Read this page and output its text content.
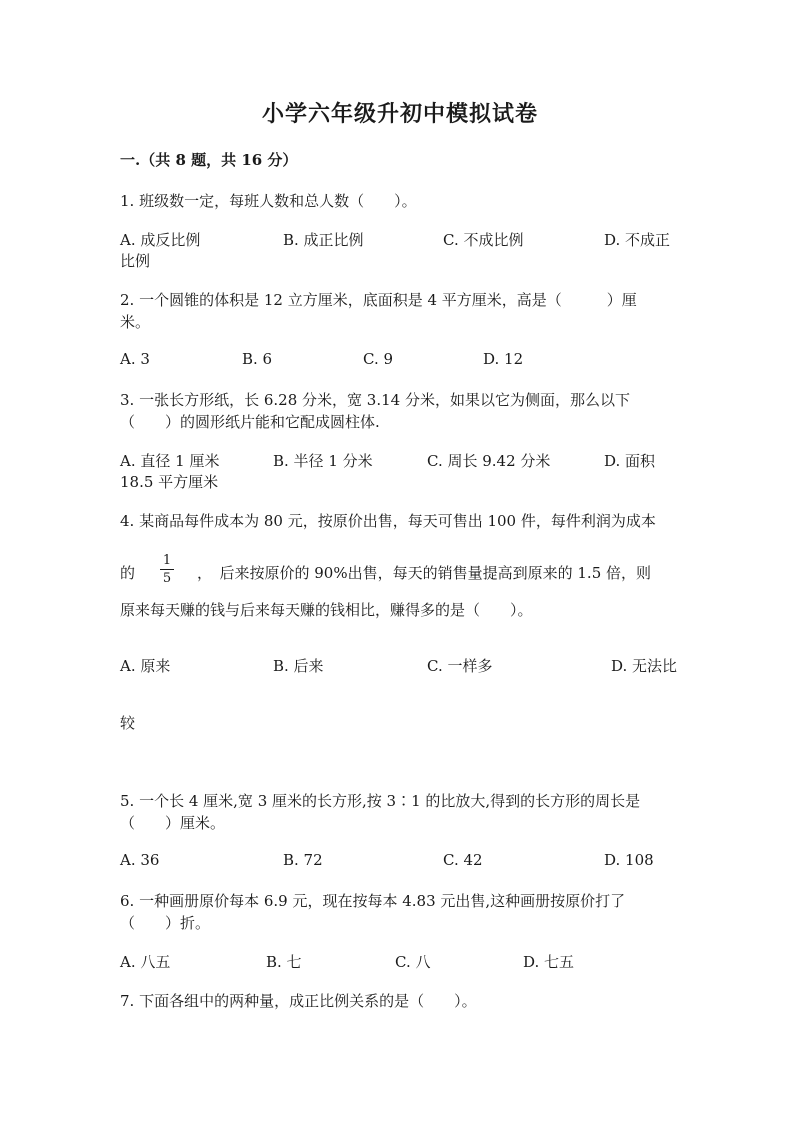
小学六年级升初中模拟试卷
一.（共 8 题，共 16 分）
1. 班级数一定，每班人数和总人数（　　）。
A. 成反比例	B. 成正比例	C. 不成比例	D. 不成正
比例
2. 一个圆锥的体积是 12 立方厘米，底面积是 4 平方厘米，高是（　　　）厘
米。
A. 3	B. 6	C. 9	D. 12
3. 一张长方形纸，长 6.28 分米，宽 3.14 分米，如果以它为侧面，那么以下
（　　）的圆形纸片能和它配成圆柱体.
A. 直径 1 厘米	B. 半径 1 分米	C. 周长 9.42 分米	D. 面积
18.5 平方厘米
4. 某商品每件成本为 80 元，按原价出售，每天可售出 100 件，每件利润为成本
的
1
5 ，　后来按原价的 90%出售，每天的销售量提高到原来的 1.5 倍，则
原来每天赚的钱与后来每天赚的钱相比，赚得多的是（　　）。
A. 原来	B. 后来	C. 一样多	D. 无法比
较
5. 一个长 4 厘米,宽 3 厘米的长方形,按 3∶1 的比放大,得到的长方形的周长是
（　　）厘米。
A. 36	B. 72	C. 42	D. 108
6. 一种画册原价每本 6.9 元，现在按每本 4.83 元出售,这种画册按原价打了
（　　）折。
A. 八五	B. 七	C. 八	D. 七五
7. 下面各组中的两种量，成正比例关系的是（　　）。
